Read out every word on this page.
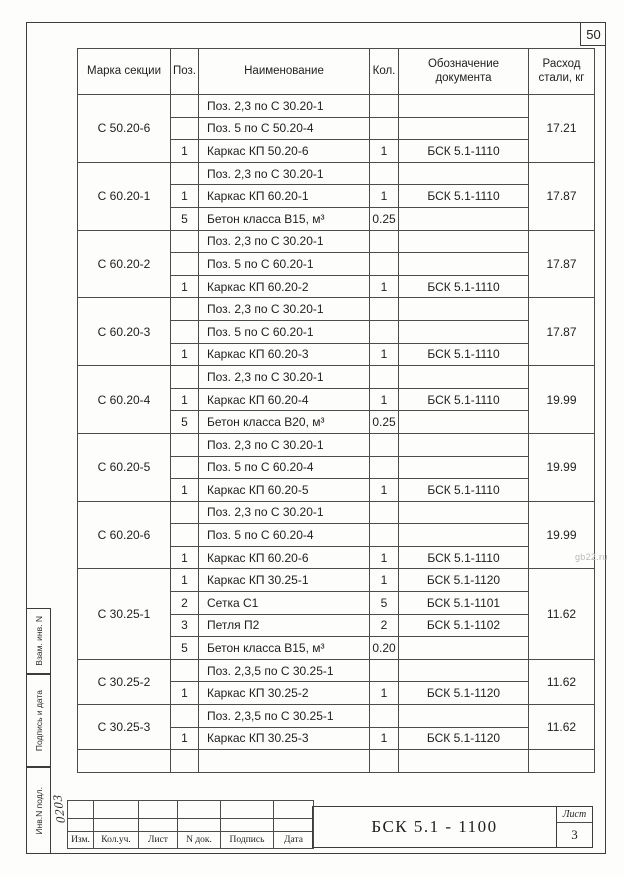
50
Марка секции	Поз.	Наименование	Кол.	Обозначение документа	Расход стали, кг
С 50.20-6		Поз. 2,3 по С 30.20-1			17.21
		Поз. 5 по С 50.20-4			
	1	Каркас КП 50.20-6	1	БСК 5.1-1110	
С 60.20-1		Поз. 2,3 по С 30.20-1			17.87
	1	Каркас КП 60.20-1	1	БСК 5.1-1110	
	5	Бетон класса В15, м³	0.25		
С 60.20-2		Поз. 2,3 по С 30.20-1			17.87
		Поз. 5 по С 60.20-1			
	1	Каркас КП 60.20-2	1	БСК 5.1-1110	
С 60.20-3		Поз. 2,3 по С 30.20-1			17.87
		Поз. 5 по С 60.20-1			
	1	Каркас КП 60.20-3	1	БСК 5.1-1110	
С 60.20-4		Поз. 2,3 по С 30.20-1			19.99
	1	Каркас КП 60.20-4	1	БСК 5.1-1110	
	5	Бетон класса В20, м³	0.25		
С 60.20-5		Поз. 2,3 по С 30.20-1			19.99
		Поз. 5 по С 60.20-4			
	1	Каркас КП 60.20-5	1	БСК 5.1-1110	
С 60.20-6		Поз. 2,3 по С 30.20-1			19.99
		Поз. 5 по С 60.20-4			
	1	Каркас КП 60.20-6	1	БСК 5.1-1110	
С 30.25-1	1	Каркас КП 30.25-1	1	БСК 5.1-1120	11.62
	2	Сетка С1	5	БСК 5.1-1101	
	3	Петля П2	2	БСК 5.1-1102	
	5	Бетон класса В15, м³	0.20		
С 30.25-2		Поз. 2,3,5 по С 30.25-1			11.62
	1	Каркас КП 30.25-2	1	БСК 5.1-1120	
С 30.25-3		Поз. 2,3,5 по С 30.25-1			11.62
	1	Каркас КП 30.25-3	1	БСК 5.1-1120	

Изм.	Кол.уч.	Лист	N док.	Подпись	Дата
БСК 5.1 - 1100
Лист
3
Взам. инв. N
Подпись и дата
Инв.N подл. 0203
gb22.ru
